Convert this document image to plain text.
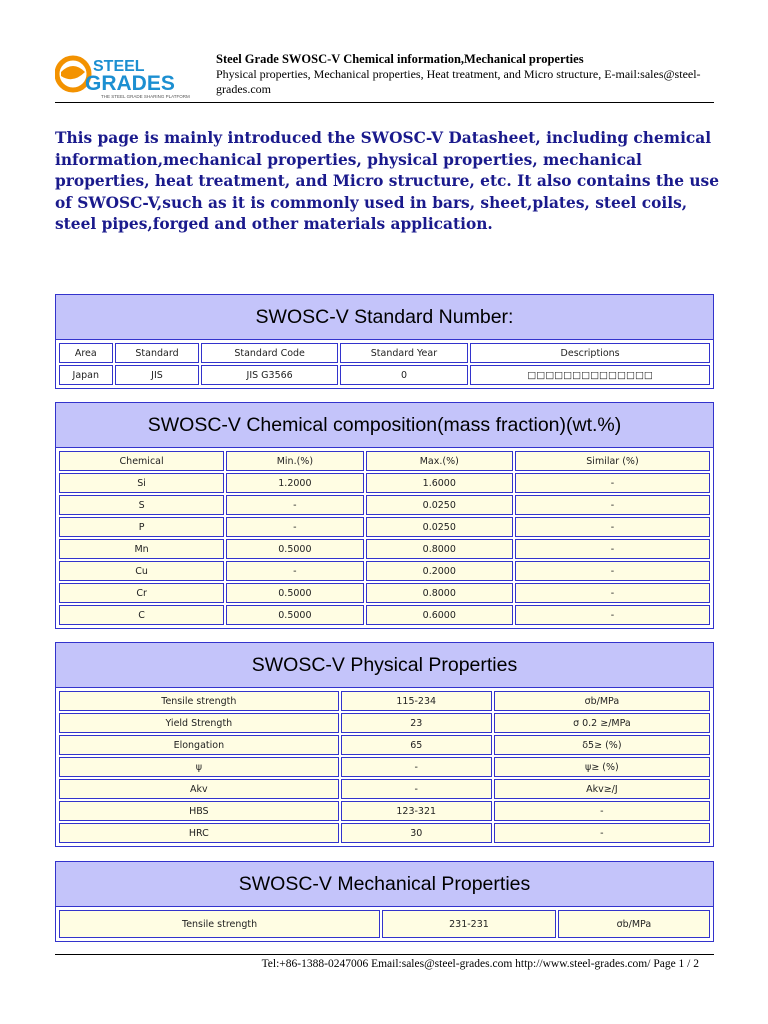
STEEL
GRADES
THE STEEL GRADE SHARING PLATFORM
Steel Grade SWOSC-V Chemical information,Mechanical properties
Physical properties, Mechanical properties, Heat treatment, and Micro structure, E-mail:sales@steel-grades.com
This page is mainly introduced the SWOSC-V Datasheet, including chemical information,mechanical properties, physical properties, mechanical properties, heat treatment, and Micro structure, etc. It also contains the use of SWOSC-V,such as it is commonly used in bars, sheet,plates, steel coils, steel pipes,forged and other materials application.
SWOSC-V Standard Number:
Area	Standard	Standard Code	Standard Year	Descriptions
Japan	JIS	JIS G3566	0	□□□□□□□□□□□□□□
SWOSC-V Chemical composition(mass fraction)(wt.%)
Chemical	Min.(%)	Max.(%)	Similar (%)
Si	1.2000	1.6000	-
S	-	0.0250	-
P	-	0.0250	-
Mn	0.5000	0.8000	-
Cu	-	0.2000	-
Cr	0.5000	0.8000	-
C	0.5000	0.6000	-
SWOSC-V Physical Properties
Tensile strength	115-234	σb/MPa
Yield Strength	23	σ 0.2 ≥/MPa
Elongation	65	δ5≥ (%)
ψ	-	ψ≥ (%)
Akv	-	Akv≥/J
HBS	123-321	-
HRC	30	-
SWOSC-V Mechanical Properties
Tensile strength	231-231	σb/MPa
Tel:+86-1388-0247006 Email:sales@steel-grades.com http://www.steel-grades.com/ Page 1 / 2
